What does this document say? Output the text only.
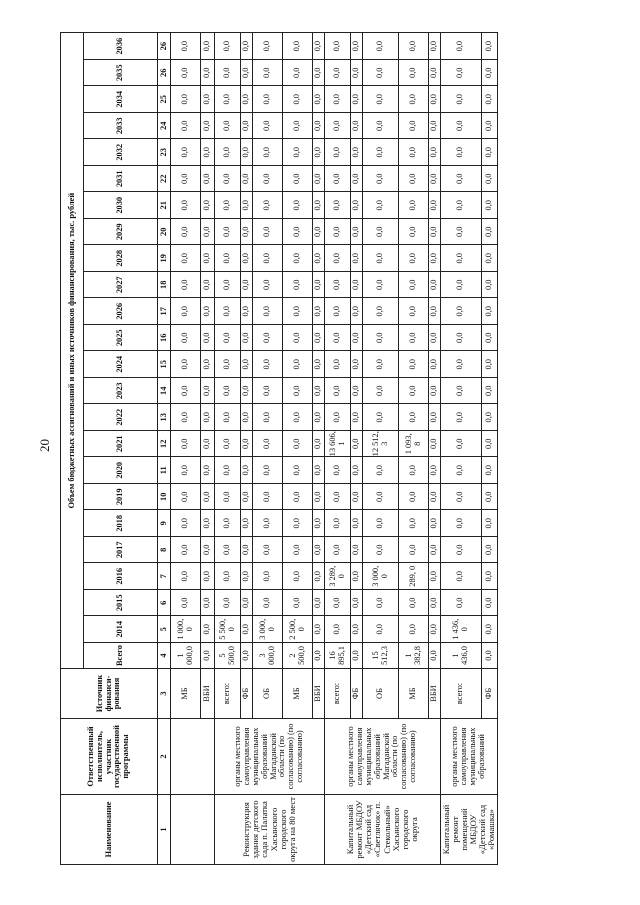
20
Наименование	Ответственный исполнитель, участник государственной программы	Источник финанси-рования	Объем бюджетных ассигнований и иных источников финансирования, тыс. рублей																							
			Всего	2014	2015	2016	2017	2018	2019	2020	2021	2022	2023	2024	2025	2026	2027	2028	2029	2030	2031	2032	2033	2034	2035	2036
1	2	3	4	5	6	7	8	9	10	11	12	13	14	15	16	17	18	19	20	21	22	23	24	25	26	26
		МБ	1 000,0	1 000, 0	0,0	0,0	0,0	0,0	0,0	0,0	0,0	0,0	0,0	0,0	0,0	0,0	0,0	0,0	0,0	0,0	0,0	0,0	0,0	0,0	0,0	0,0
		ВБИ	0,0	0,0	0,0	0,0	0,0	0,0	0,0	0,0	0,0	0,0	0,0	0,0	0,0	0,0	0,0	0,0	0,0	0,0	0,0	0,0	0,0	0,0	0,0	0,0
Реконструкция здания детского сада п. Палатка Хасынского городского округа на 80 мест	органы местного самоуправления муниципальных образований Магаданской области (по согласованию) (по согласованию)	всего:	5 500,0	5 500, 0	0,0	0,0	0,0	0,0	0,0	0,0	0,0	0,0	0,0	0,0	0,0	0,0	0,0	0,0	0,0	0,0	0,0	0,0	0,0	0,0	0,0	0,0
		ФБ	0,0	0,0	0,0	0,0	0,0	0,0	0,0	0,0	0,0	0,0	0,0	0,0	0,0	0,0	0,0	0,0	0,0	0,0	0,0	0,0	0,0	0,0	0,0	0,0
		ОБ	3 000,0	3 000, 0	0,0	0,0	0,0	0,0	0,0	0,0	0,0	0,0	0,0	0,0	0,0	0,0	0,0	0,0	0,0	0,0	0,0	0,0	0,0	0,0	0,0	0,0
		МБ	2 500,0	2 500, 0	0,0	0,0	0,0	0,0	0,0	0,0	0,0	0,0	0,0	0,0	0,0	0,0	0,0	0,0	0,0	0,0	0,0	0,0	0,0	0,0	0,0	0,0
		ВБИ	0,0	0,0	0,0	0,0	0,0	0,0	0,0	0,0	0,0	0,0	0,0	0,0	0,0	0,0	0,0	0,0	0,0	0,0	0,0	0,0	0,0	0,0	0,0	0,0
Капитальный ремонт МБДОУ «Детский сад «Светлячок» п. Стекольный» Хасынского городского округа	органы местного самоуправления муниципальных образований Магаданской области (по согласованию) (по согласованию)	всего:	16 895,1	0,0	0,0	3 289, 0	0,0	0,0	0,0	0,0	13 606, 1	0,0	0,0	0,0	0,0	0,0	0,0	0,0	0,0	0,0	0,0	0,0	0,0	0,0	0,0	0,0
		ФБ	0,0	0,0	0,0	0,0	0,0	0,0	0,0	0,0	0,0	0,0	0,0	0,0	0,0	0,0	0,0	0,0	0,0	0,0	0,0	0,0	0,0	0,0	0,0	0,0
		ОБ	15 512,3	0,0	0,0	3 000, 0	0,0	0,0	0,0	0,0	12 512, 3	0,0	0,0	0,0	0,0	0,0	0,0	0,0	0,0	0,0	0,0	0,0	0,0	0,0	0,0	0,0
		МБ	1 382,8	0,0	0,0	289, 0	0,0	0,0	0,0	0,0	1 093, 8	0,0	0,0	0,0	0,0	0,0	0,0	0,0	0,0	0,0	0,0	0,0	0,0	0,0	0,0	0,0
		ВБИ	0,0	0,0	0,0	0,0	0,0	0,0	0,0	0,0	0,0	0,0	0,0	0,0	0,0	0,0	0,0	0,0	0,0	0,0	0,0	0,0	0,0	0,0	0,0	0,0
Капитальный ремонт помещений МБДОУ «Детский сад «Ромашка»	органы местного самоуправления муниципальных образований	всего:	1 436,0	1 436, 0	0,0	0,0	0,0	0,0	0,0	0,0	0,0	0,0	0,0	0,0	0,0	0,0	0,0	0,0	0,0	0,0	0,0	0,0	0,0	0,0	0,0	0,0
		ФБ	0,0	0,0	0,0	0,0	0,0	0,0	0,0	0,0	0,0	0,0	0,0	0,0	0,0	0,0	0,0	0,0	0,0	0,0	0,0	0,0	0,0	0,0	0,0	0,0
